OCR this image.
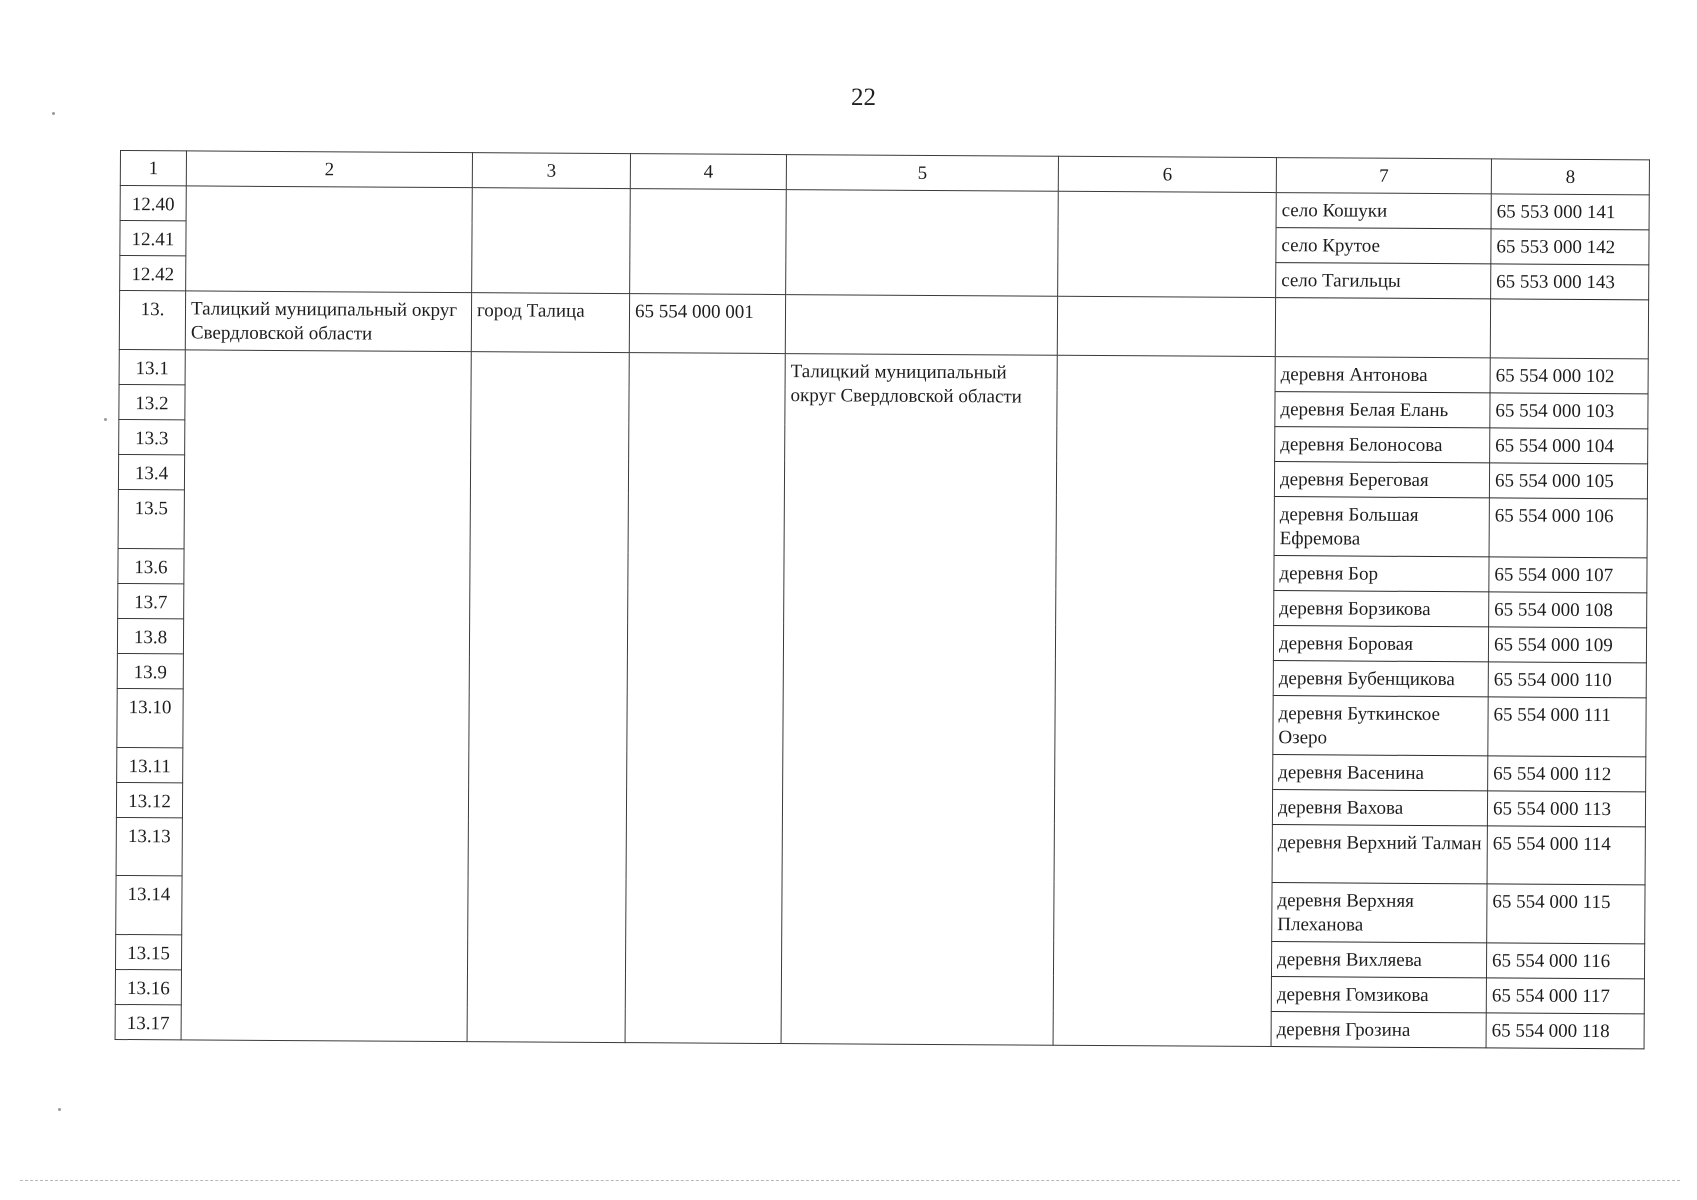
22
1	2	3	4	5	6	7	8
12.40						село Кошуки	65 553 000 141
12.41						село Крутое	65 553 000 142
12.42						село Тагильцы	65 553 000 143
13.	Талицкий муниципальный округ Свердловской области	город Талица	65 554 000 001				
13.1				Талицкий муниципальный округ Свердловской области		деревня Антонова	65 554 000 102
13.2						деревня Белая Елань	65 554 000 103
13.3						деревня Белоносова	65 554 000 104
13.4						деревня Береговая	65 554 000 105
13.5						деревня Большая Ефремова	65 554 000 106
13.6						деревня Бор	65 554 000 107
13.7						деревня Борзикова	65 554 000 108
13.8						деревня Боровая	65 554 000 109
13.9						деревня Бубенщикова	65 554 000 110
13.10						деревня Буткинское Озеро	65 554 000 111
13.11						деревня Васенина	65 554 000 112
13.12						деревня Вахова	65 554 000 113
13.13						деревня Верхний Талман	65 554 000 114
13.14						деревня Верхняя Плеханова	65 554 000 115
13.15						деревня Вихляева	65 554 000 116
13.16						деревня Гомзикова	65 554 000 117
13.17						деревня Грозина	65 554 000 118
